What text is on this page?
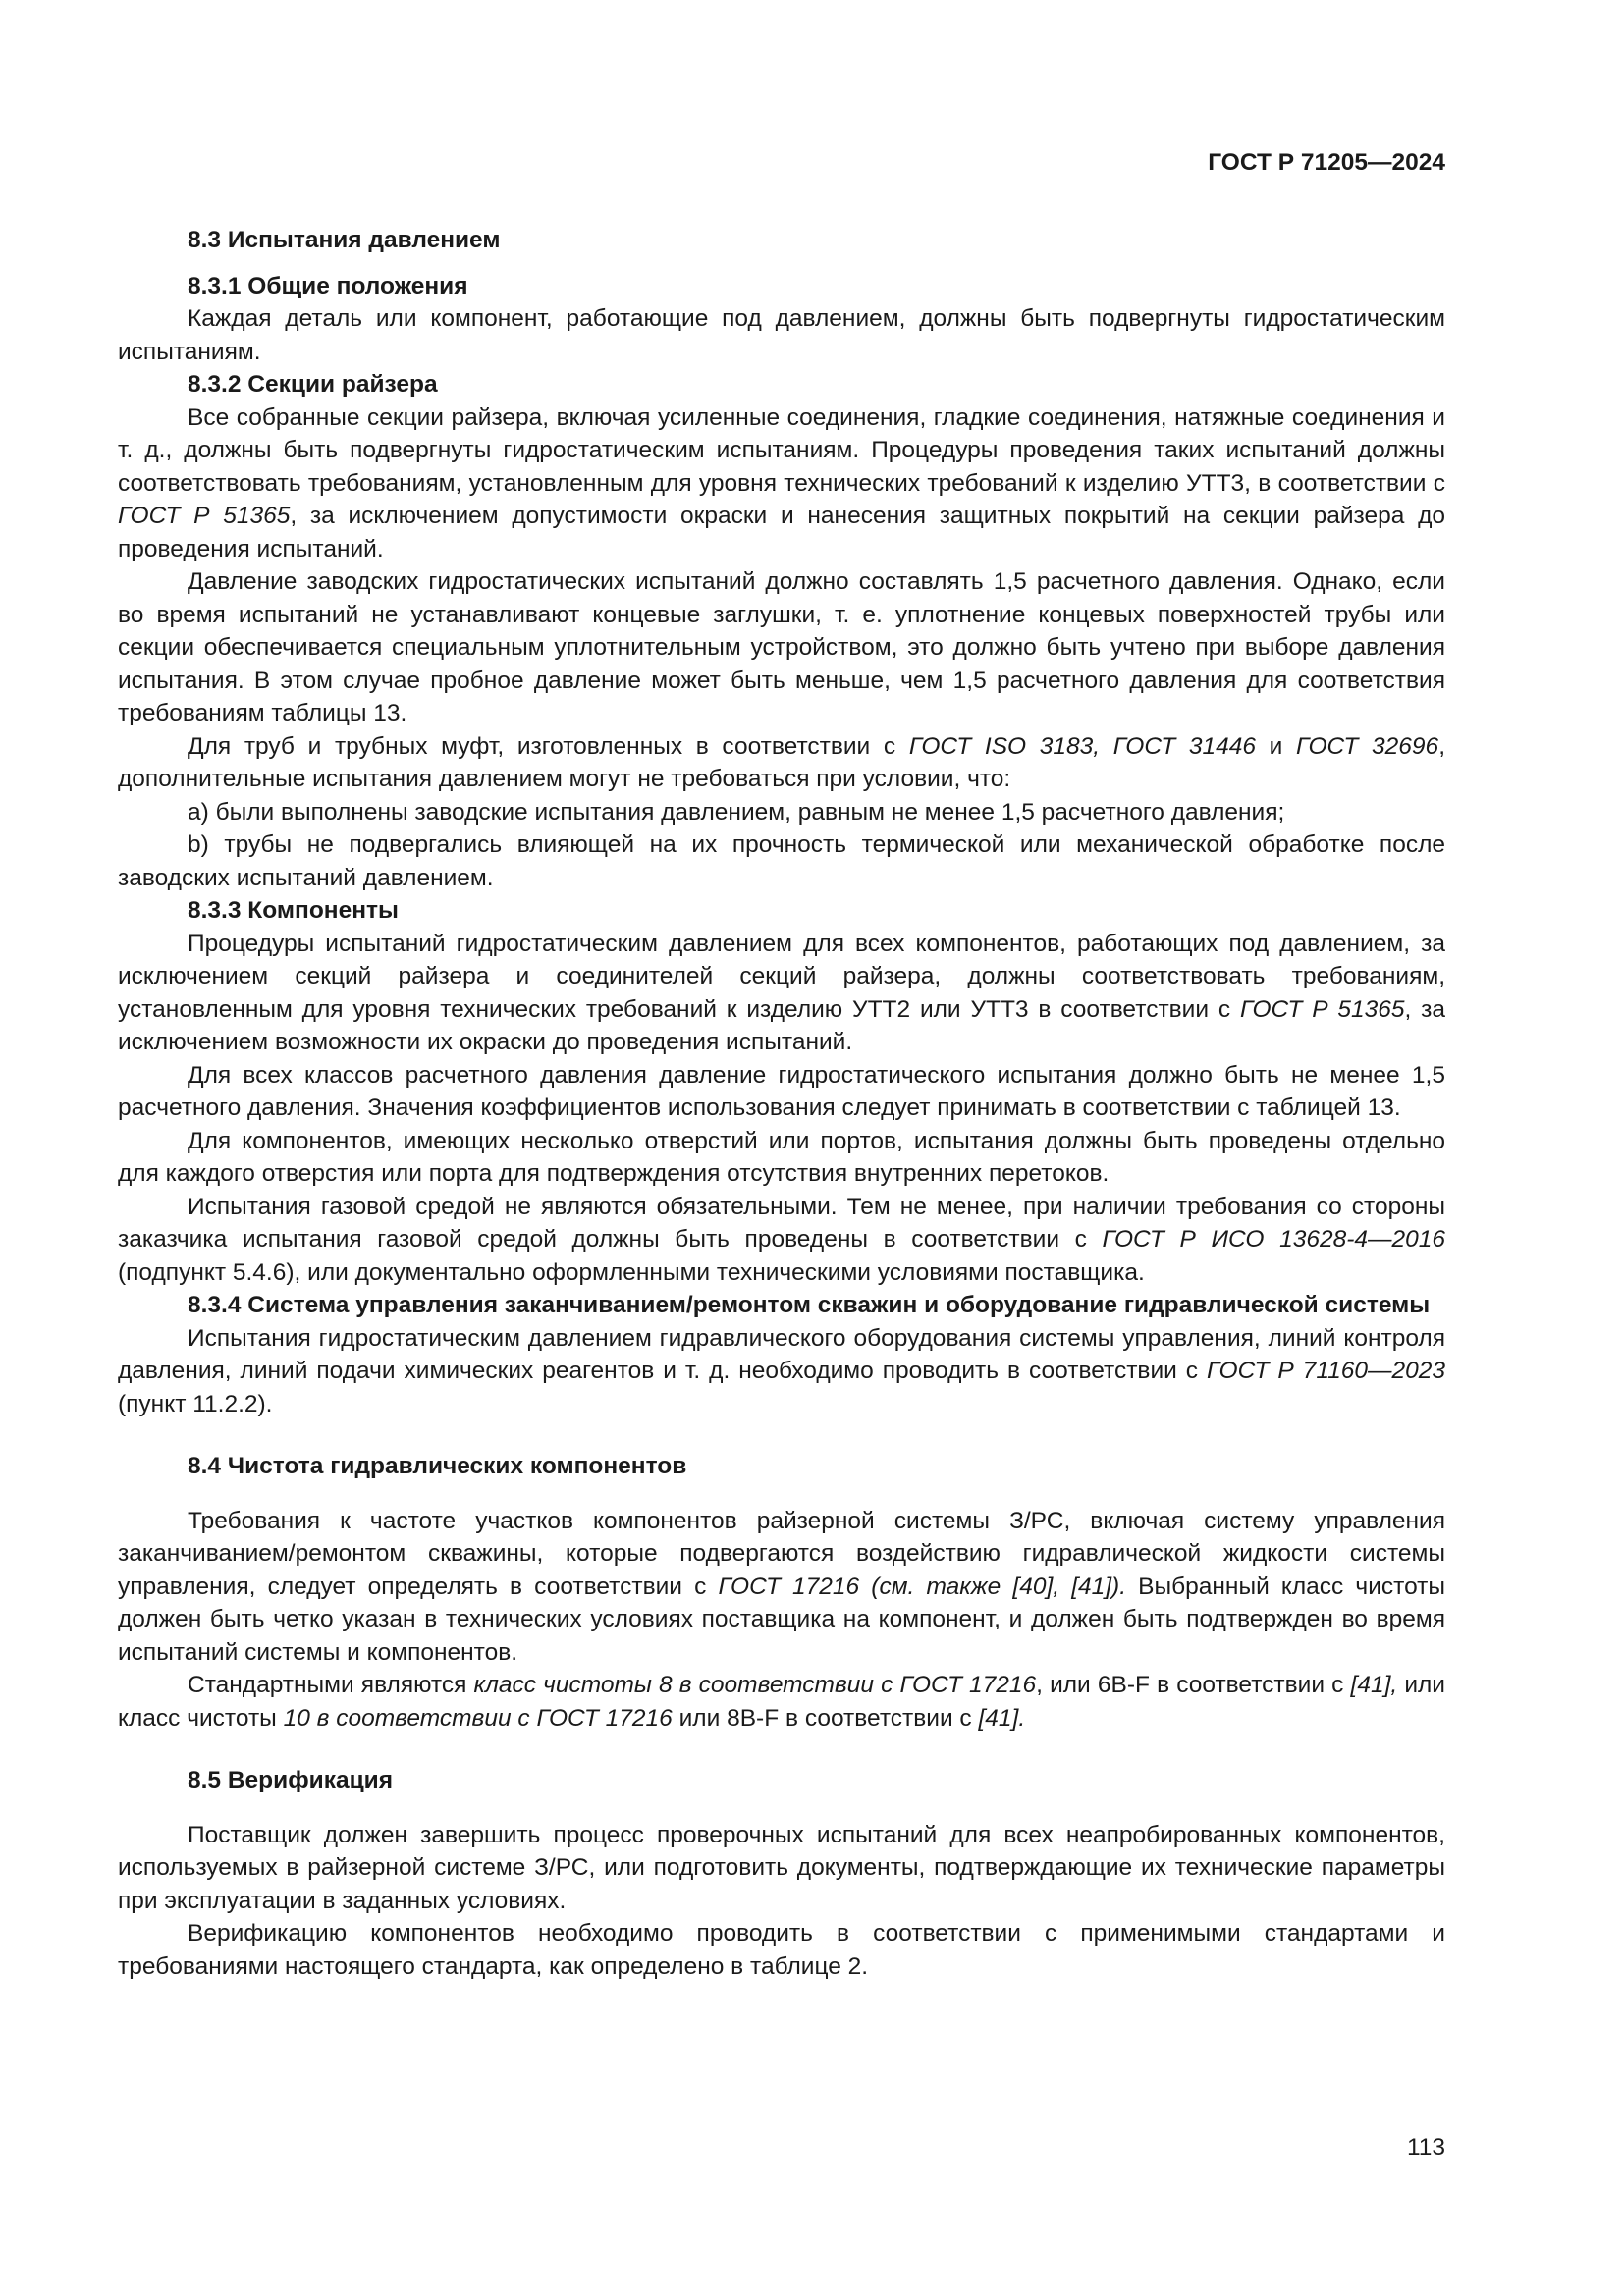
ГОСТ Р 71205—2024
8.3 Испытания давлением
8.3.1 Общие положения

Каждая деталь или компонент, работающие под давлением, должны быть подвергнуты гидростатическим испытаниям.

8.3.2 Секции райзера

Все собранные секции райзера, включая усиленные соединения, гладкие соединения, натяжные соединения и т. д., должны быть подвергнуты гидростатическим испытаниям. Процедуры проведения таких испытаний должны соответствовать требованиям, установленным для уровня технических требований к изделию УТТ3, в соответствии с ГОСТ Р 51365, за исключением допустимости окраски и нанесения защитных покрытий на секции райзера до проведения испытаний.

Давление заводских гидростатических испытаний должно составлять 1,5 расчетного давления. Однако, если во время испытаний не устанавливают концевые заглушки, т. е. уплотнение концевых поверхностей трубы или секции обеспечивается специальным уплотнительным устройством, это должно быть учтено при выборе давления испытания. В этом случае пробное давление может быть меньше, чем 1,5 расчетного давления для соответствия требованиям таблицы 13.

Для труб и трубных муфт, изготовленных в соответствии с ГОСТ ISO 3183, ГОСТ 31446 и ГОСТ 32696, дополнительные испытания давлением могут не требоваться при условии, что:

а) были выполнены заводские испытания давлением, равным не менее 1,5 расчетного давления;

b) трубы не подвергались влияющей на их прочность термической или механической обработке после заводских испытаний давлением.

8.3.3 Компоненты

Процедуры испытаний гидростатическим давлением для всех компонентов, работающих под давлением, за исключением секций райзера и соединителей секций райзера, должны соответствовать требованиям, установленным для уровня технических требований к изделию УТТ2 или УТТ3 в соответствии с ГОСТ Р 51365, за исключением возможности их окраски до проведения испытаний.

Для всех классов расчетного давления давление гидростатического испытания должно быть не менее 1,5 расчетного давления. Значения коэффициентов использования следует принимать в соответствии с таблицей 13.

Для компонентов, имеющих несколько отверстий или портов, испытания должны быть проведены отдельно для каждого отверстия или порта для подтверждения отсутствия внутренних перетоков.

Испытания газовой средой не являются обязательными. Тем не менее, при наличии требования со стороны заказчика испытания газовой средой должны быть проведены в соответствии с ГОСТ Р ИСО 13628-4—2016 (подпункт 5.4.6), или документально оформленными техническими условиями поставщика.

8.3.4 Система управления заканчиванием/ремонтом скважин и оборудование гидравлической системы

Испытания гидростатическим давлением гидравлического оборудования системы управления, линий контроля давления, линий подачи химических реагентов и т. д. необходимо проводить в соответствии с ГОСТ Р 71160—2023 (пункт 11.2.2).

8.4 Чистота гидравлических компонентов

Требования к частоте участков компонентов райзерной системы З/РС, включая систему управления заканчиванием/ремонтом скважины, которые подвергаются воздействию гидравлической жидкости системы управления, следует определять в соответствии с ГОСТ 17216 (см. также [40], [41]). Выбранный класс чистоты должен быть четко указан в технических условиях поставщика на компонент, и должен быть подтвержден во время испытаний системы и компонентов.

Стандартными являются класс чистоты 8 в соответствии с ГОСТ 17216, или 6B-F в соответствии с [41], или класс чистоты 10 в соответствии с ГОСТ 17216 или 8B-F в соответствии с [41].

8.5 Верификация

Поставщик должен завершить процесс проверочных испытаний для всех неапробированных компонентов, используемых в райзерной системе З/РС, или подготовить документы, подтверждающие их технические параметры при эксплуатации в заданных условиях.

Верификацию компонентов необходимо проводить в соответствии с применимыми стандартами и требованиями настоящего стандарта, как определено в таблице 2.

113
